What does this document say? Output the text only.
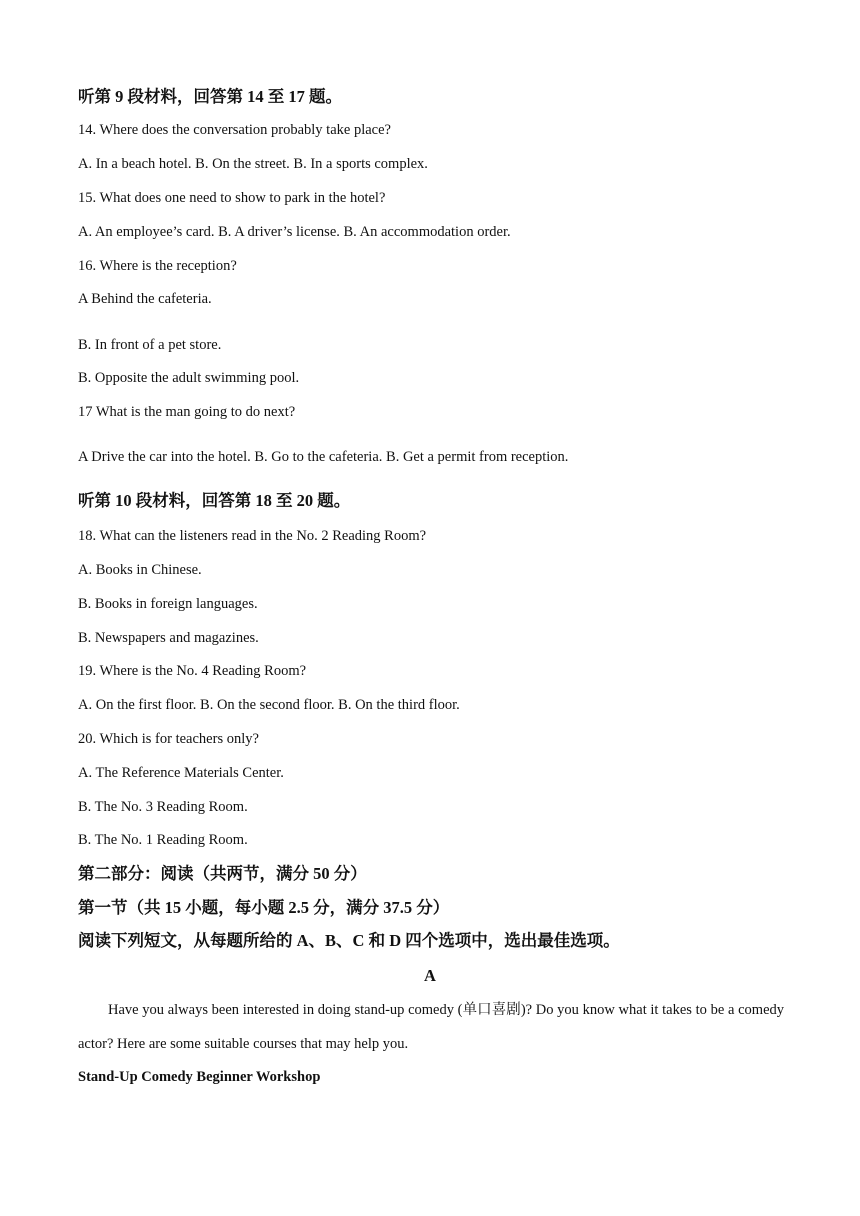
听第 9 段材料，回答第 14 至 17 题。
14. Where does the conversation probably take place?
A. In a beach hotel. B. On the street. B. In a sports complex.
15. What does one need to show to park in the hotel?
A. An employee’s card. B. A driver’s license. B. An accommodation order.
16. Where is the reception?
A Behind the cafeteria.
B. In front of a pet store.
B. Opposite the adult swimming pool.
17 What is the man going to do next?
A Drive the car into the hotel. B. Go to the cafeteria. B. Get a permit from reception.
听第 10 段材料，回答第 18 至 20 题。
18. What can the listeners read in the No. 2 Reading Room?
A. Books in Chinese.
B. Books in foreign languages.
B. Newspapers and magazines.
19. Where is the No. 4 Reading Room?
A. On the first floor. B. On the second floor. B. On the third floor.
20. Which is for teachers only?
A. The Reference Materials Center.
B. The No. 3 Reading Room.
B. The No. 1 Reading Room.
第二部分：阅读（共两节，满分 50 分）
第一节（共 15 小题，每小题 2.5 分，满分 37.5 分）
阅读下列短文，从每题所给的 A、B、C 和 D 四个选项中，选出最佳选项。
A
Have you always been interested in doing stand-up comedy (单口喜剧)? Do you know what it takes to be a comedy actor? Here are some suitable courses that may help you.
Stand-Up Comedy Beginner Workshop
